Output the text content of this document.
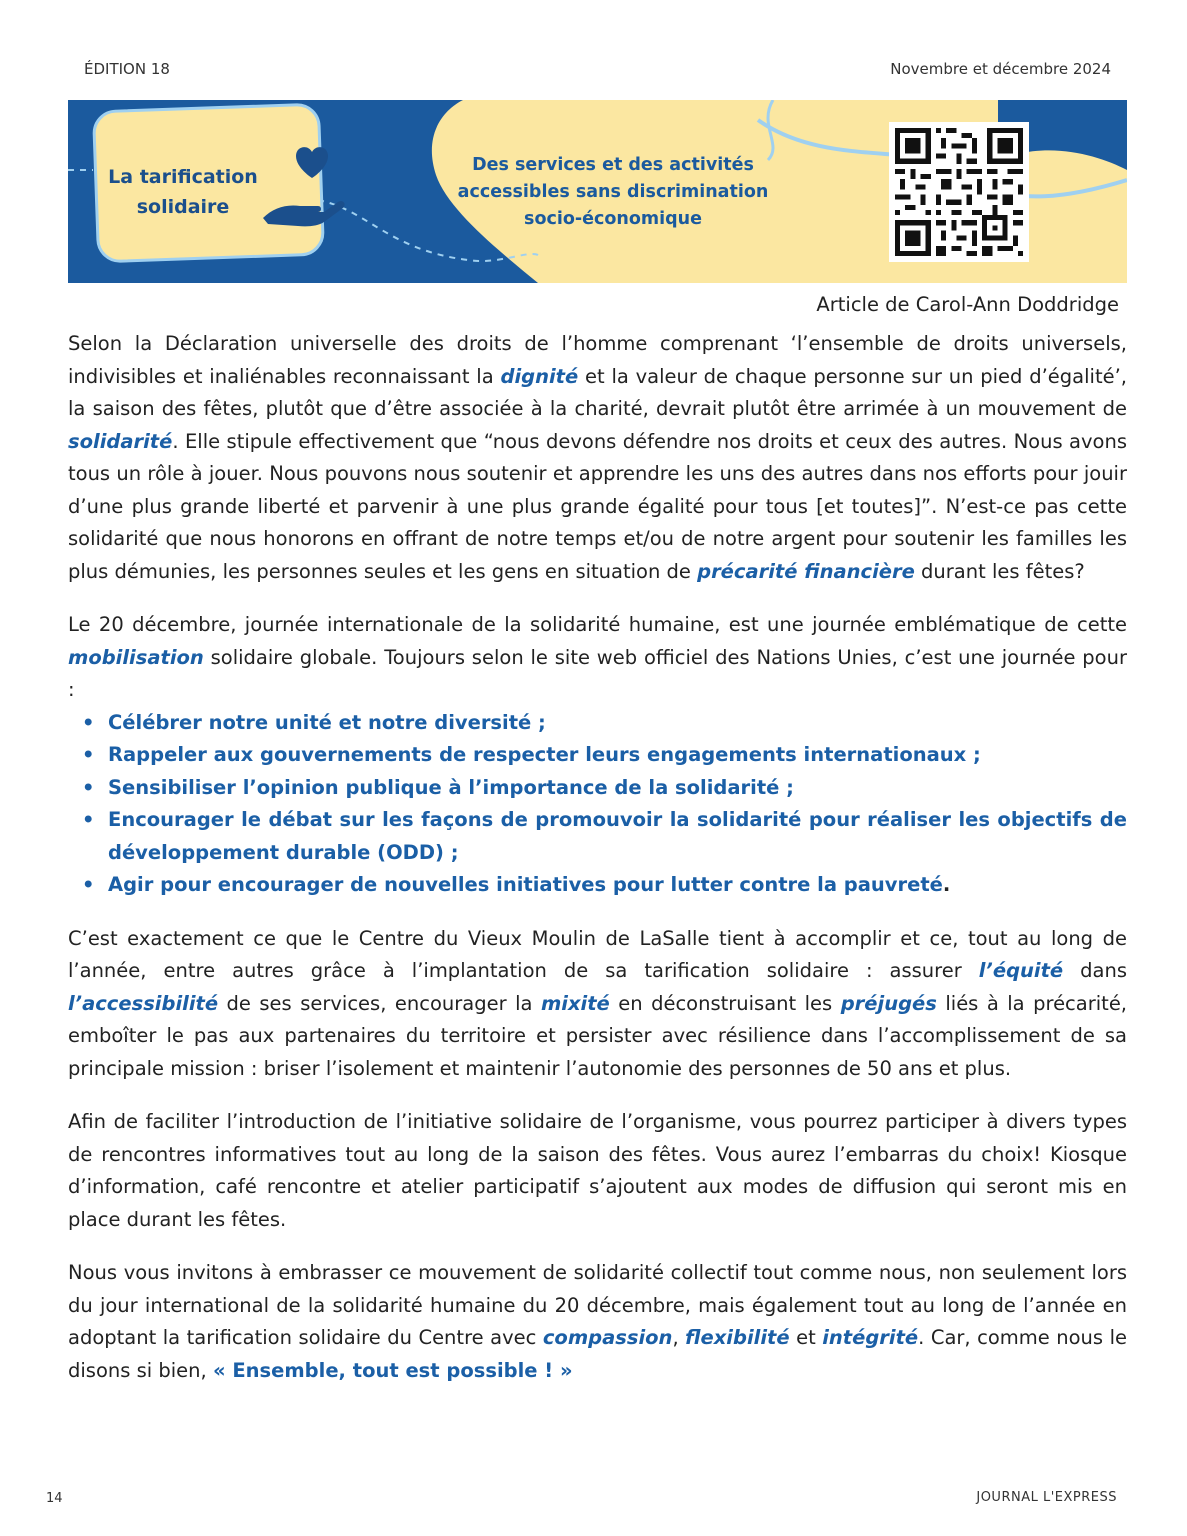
ÉDITION 18	Novembre et décembre 2024
La tarification
solidaire
Des services et des activités
accessibles sans discrimination
socio-économique
Article de Carol-Ann Doddridge

Selon la Déclaration universelle des droits de l’homme comprenant ‘l’ensemble de droits universels, indivisibles et inaliénables reconnaissant la dignité et la valeur de chaque personne sur un pied d’égalité’, la saison des fêtes, plutôt que d’être associée à la charité, devrait plutôt être arrimée à un mouvement de solidarité. Elle stipule effectivement que “nous devons défendre nos droits et ceux des autres. Nous avons tous un rôle à jouer. Nous pouvons nous soutenir et apprendre les uns des autres dans nos efforts pour jouir d’une plus grande liberté et parvenir à une plus grande égalité pour tous [et toutes]”. N’est-ce pas cette solidarité que nous honorons en offrant de notre temps et/ou de notre argent pour soutenir les familles les plus démunies, les personnes seules et les gens en situation de précarité financière durant les fêtes?

Le 20 décembre, journée internationale de la solidarité humaine, est une journée emblématique de cette mobilisation solidaire globale. Toujours selon le site web officiel des Nations Unies, c’est une journée pour :

• Célébrer notre unité et notre diversité ;
• Rappeler aux gouvernements de respecter leurs engagements internationaux ;
• Sensibiliser l’opinion publique à l’importance de la solidarité ;
• Encourager le débat sur les façons de promouvoir la solidarité pour réaliser les objectifs de développement durable (ODD) ;
• Agir pour encourager de nouvelles initiatives pour lutter contre la pauvreté.

C’est exactement ce que le Centre du Vieux Moulin de LaSalle tient à accomplir et ce, tout au long de l’année, entre autres grâce à l’implantation de sa tarification solidaire : assurer l’équité dans l’accessibilité de ses services, encourager la mixité en déconstruisant les préjugés liés à la précarité, emboîter le pas aux partenaires du territoire et persister avec résilience dans l’accomplissement de sa principale mission : briser l’isolement et maintenir l’autonomie des personnes de 50 ans et plus.

Afin de faciliter l’introduction de l’initiative solidaire de l’organisme, vous pourrez participer à divers types de rencontres informatives tout au long de la saison des fêtes. Vous aurez l’embarras du choix! Kiosque d’information, café rencontre et atelier participatif s’ajoutent aux modes de diffusion qui seront mis en place durant les fêtes.

Nous vous invitons à embrasser ce mouvement de solidarité collectif tout comme nous, non seulement lors du jour international de la solidarité humaine du 20 décembre, mais également tout au long de l’année en adoptant la tarification solidaire du Centre avec compassion, flexibilité et intégrité. Car, comme nous le disons si bien, « Ensemble, tout est possible ! »

14	JOURNAL L'EXPRESS
